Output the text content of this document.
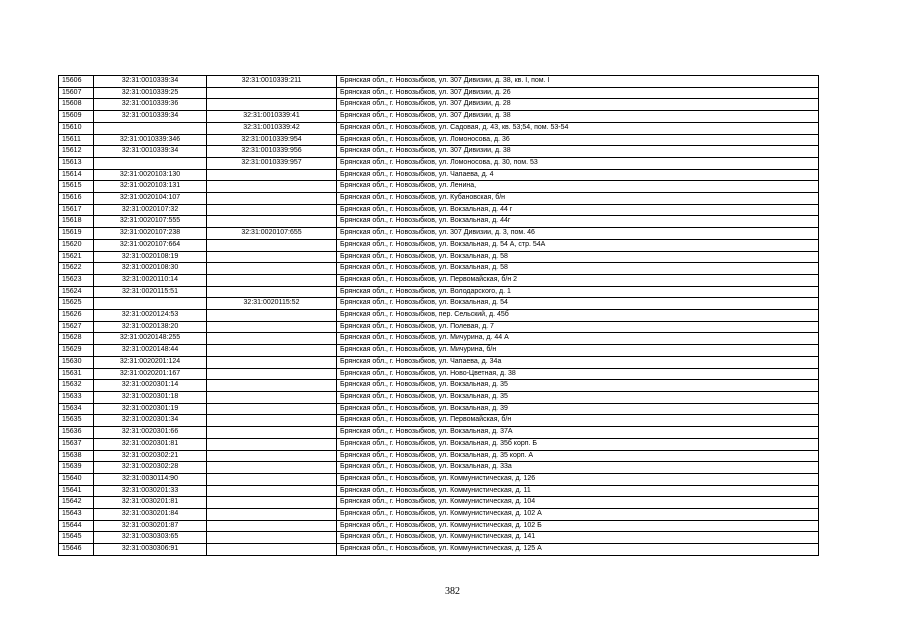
15606	32:31:0010339:34	32:31:0010339:211	Брянская обл., г. Новозыбков, ул. 307 Дивизии, д. 38, кв. I, пом. I
15607	32:31:0010339:25		Брянская обл., г. Новозыбков, ул. 307 Дивизии, д. 26
15608	32:31:0010339:36		Брянская обл., г. Новозыбков, ул. 307 Дивизии, д. 28
15609	32:31:0010339:34	32:31:0010339:41	Брянская обл., г. Новозыбков, ул. 307 Дивизии, д. 38
15610		32:31:0010339:42	Брянская обл., г. Новозыбков, ул. Садовая, д. 43, кв. 53;54, пом. 53-54
15611	32:31:0010339:346	32:31:0010339:954	Брянская обл., г. Новозыбков, ул. Ломоносова, д. 36
15612	32:31:0010339:34	32:31:0010339:956	Брянская обл., г. Новозыбков, ул. 307 Дивизии, д. 38
15613		32:31:0010339:957	Брянская обл., г. Новозыбков, ул. Ломоносова, д. 30, пом. 53
15614	32:31:0020103:130		Брянская обл., г. Новозыбков, ул. Чапаева, д. 4
15615	32:31:0020103:131		Брянская обл., г. Новозыбков, ул. Ленина,
15616	32:31:0020104:107		Брянская обл., г. Новозыбков, ул. Кубановская, б/н
15617	32:31:0020107:32		Брянская обл., г. Новозыбков, ул. Вокзальная, д. 44 г
15618	32:31:0020107:555		Брянская обл., г. Новозыбков, ул. Вокзальная, д. 44г
15619	32:31:0020107:238	32:31:0020107:655	Брянская обл., г. Новозыбков, ул. 307 Дивизии, д. 3, пом. 46
15620	32:31:0020107:664		Брянская обл., г. Новозыбков, ул. Вокзальная, д. 54 А, стр. 54А
15621	32:31:0020108:19		Брянская обл., г. Новозыбков, ул. Вокзальная, д. 58
15622	32:31:0020108:30		Брянская обл., г. Новозыбков, ул. Вокзальная, д. 58
15623	32:31:0020110:14		Брянская обл., г. Новозыбков, ул. Первомайская, б/н 2
15624	32:31:0020115:51		Брянская обл., г. Новозыбков, ул. Володарского, д. 1
15625		32:31:0020115:52	Брянская обл., г. Новозыбков, ул. Вокзальная, д. 54
15626	32:31:0020124:53		Брянская обл., г. Новозыбков, пер. Сельский, д. 45б
15627	32:31:0020138:20		Брянская обл., г. Новозыбков, ул. Полевая, д. 7
15628	32:31:0020148:255		Брянская обл., г. Новозыбков, ул. Мичурина, д. 44 А
15629	32:31:0020148:44		Брянская обл., г. Новозыбков, ул. Мичурина, б/н
15630	32:31:0020201:124		Брянская обл., г. Новозыбков, ул. Чапаева, д. 34а
15631	32:31:0020201:167		Брянская обл., г. Новозыбков, ул. Ново-Цветная, д. 38
15632	32:31:0020301:14		Брянская обл., г. Новозыбков, ул. Вокзальная, д. 35
15633	32:31:0020301:18		Брянская обл., г. Новозыбков, ул. Вокзальная, д. 35
15634	32:31:0020301:19		Брянская обл., г. Новозыбков, ул. Вокзальная, д. 39
15635	32:31:0020301:34		Брянская обл., г. Новозыбков, ул. Первомайская, б/н
15636	32:31:0020301:66		Брянская обл., г. Новозыбков, ул. Вокзальная, д. 37А
15637	32:31:0020301:81		Брянская обл., г. Новозыбков, ул. Вокзальная, д. 35б корп. Б
15638	32:31:0020302:21		Брянская обл., г. Новозыбков, ул. Вокзальная, д. 35 корп. А
15639	32:31:0020302:28		Брянская обл., г. Новозыбков, ул. Вокзальная, д. 33а
15640	32:31:0030114:90		Брянская обл., г. Новозыбков, ул. Коммунистическая, д. 126
15641	32:31:0030201:33		Брянская обл., г. Новозыбков, ул. Коммунистическая, д. 11
15642	32:31:0030201:81		Брянская обл., г. Новозыбков, ул. Коммунистическая, д. 104
15643	32:31:0030201:84		Брянская обл., г. Новозыбков, ул. Коммунистическая, д. 102 А
15644	32:31:0030201:87		Брянская обл., г. Новозыбков, ул. Коммунистическая, д. 102 Б
15645	32:31:0030303:65		Брянская обл., г. Новозыбков, ул. Коммунистическая, д. 141
15646	32:31:0030306:91		Брянская обл., г. Новозыбков, ул. Коммунистическая, д. 125 А
382
